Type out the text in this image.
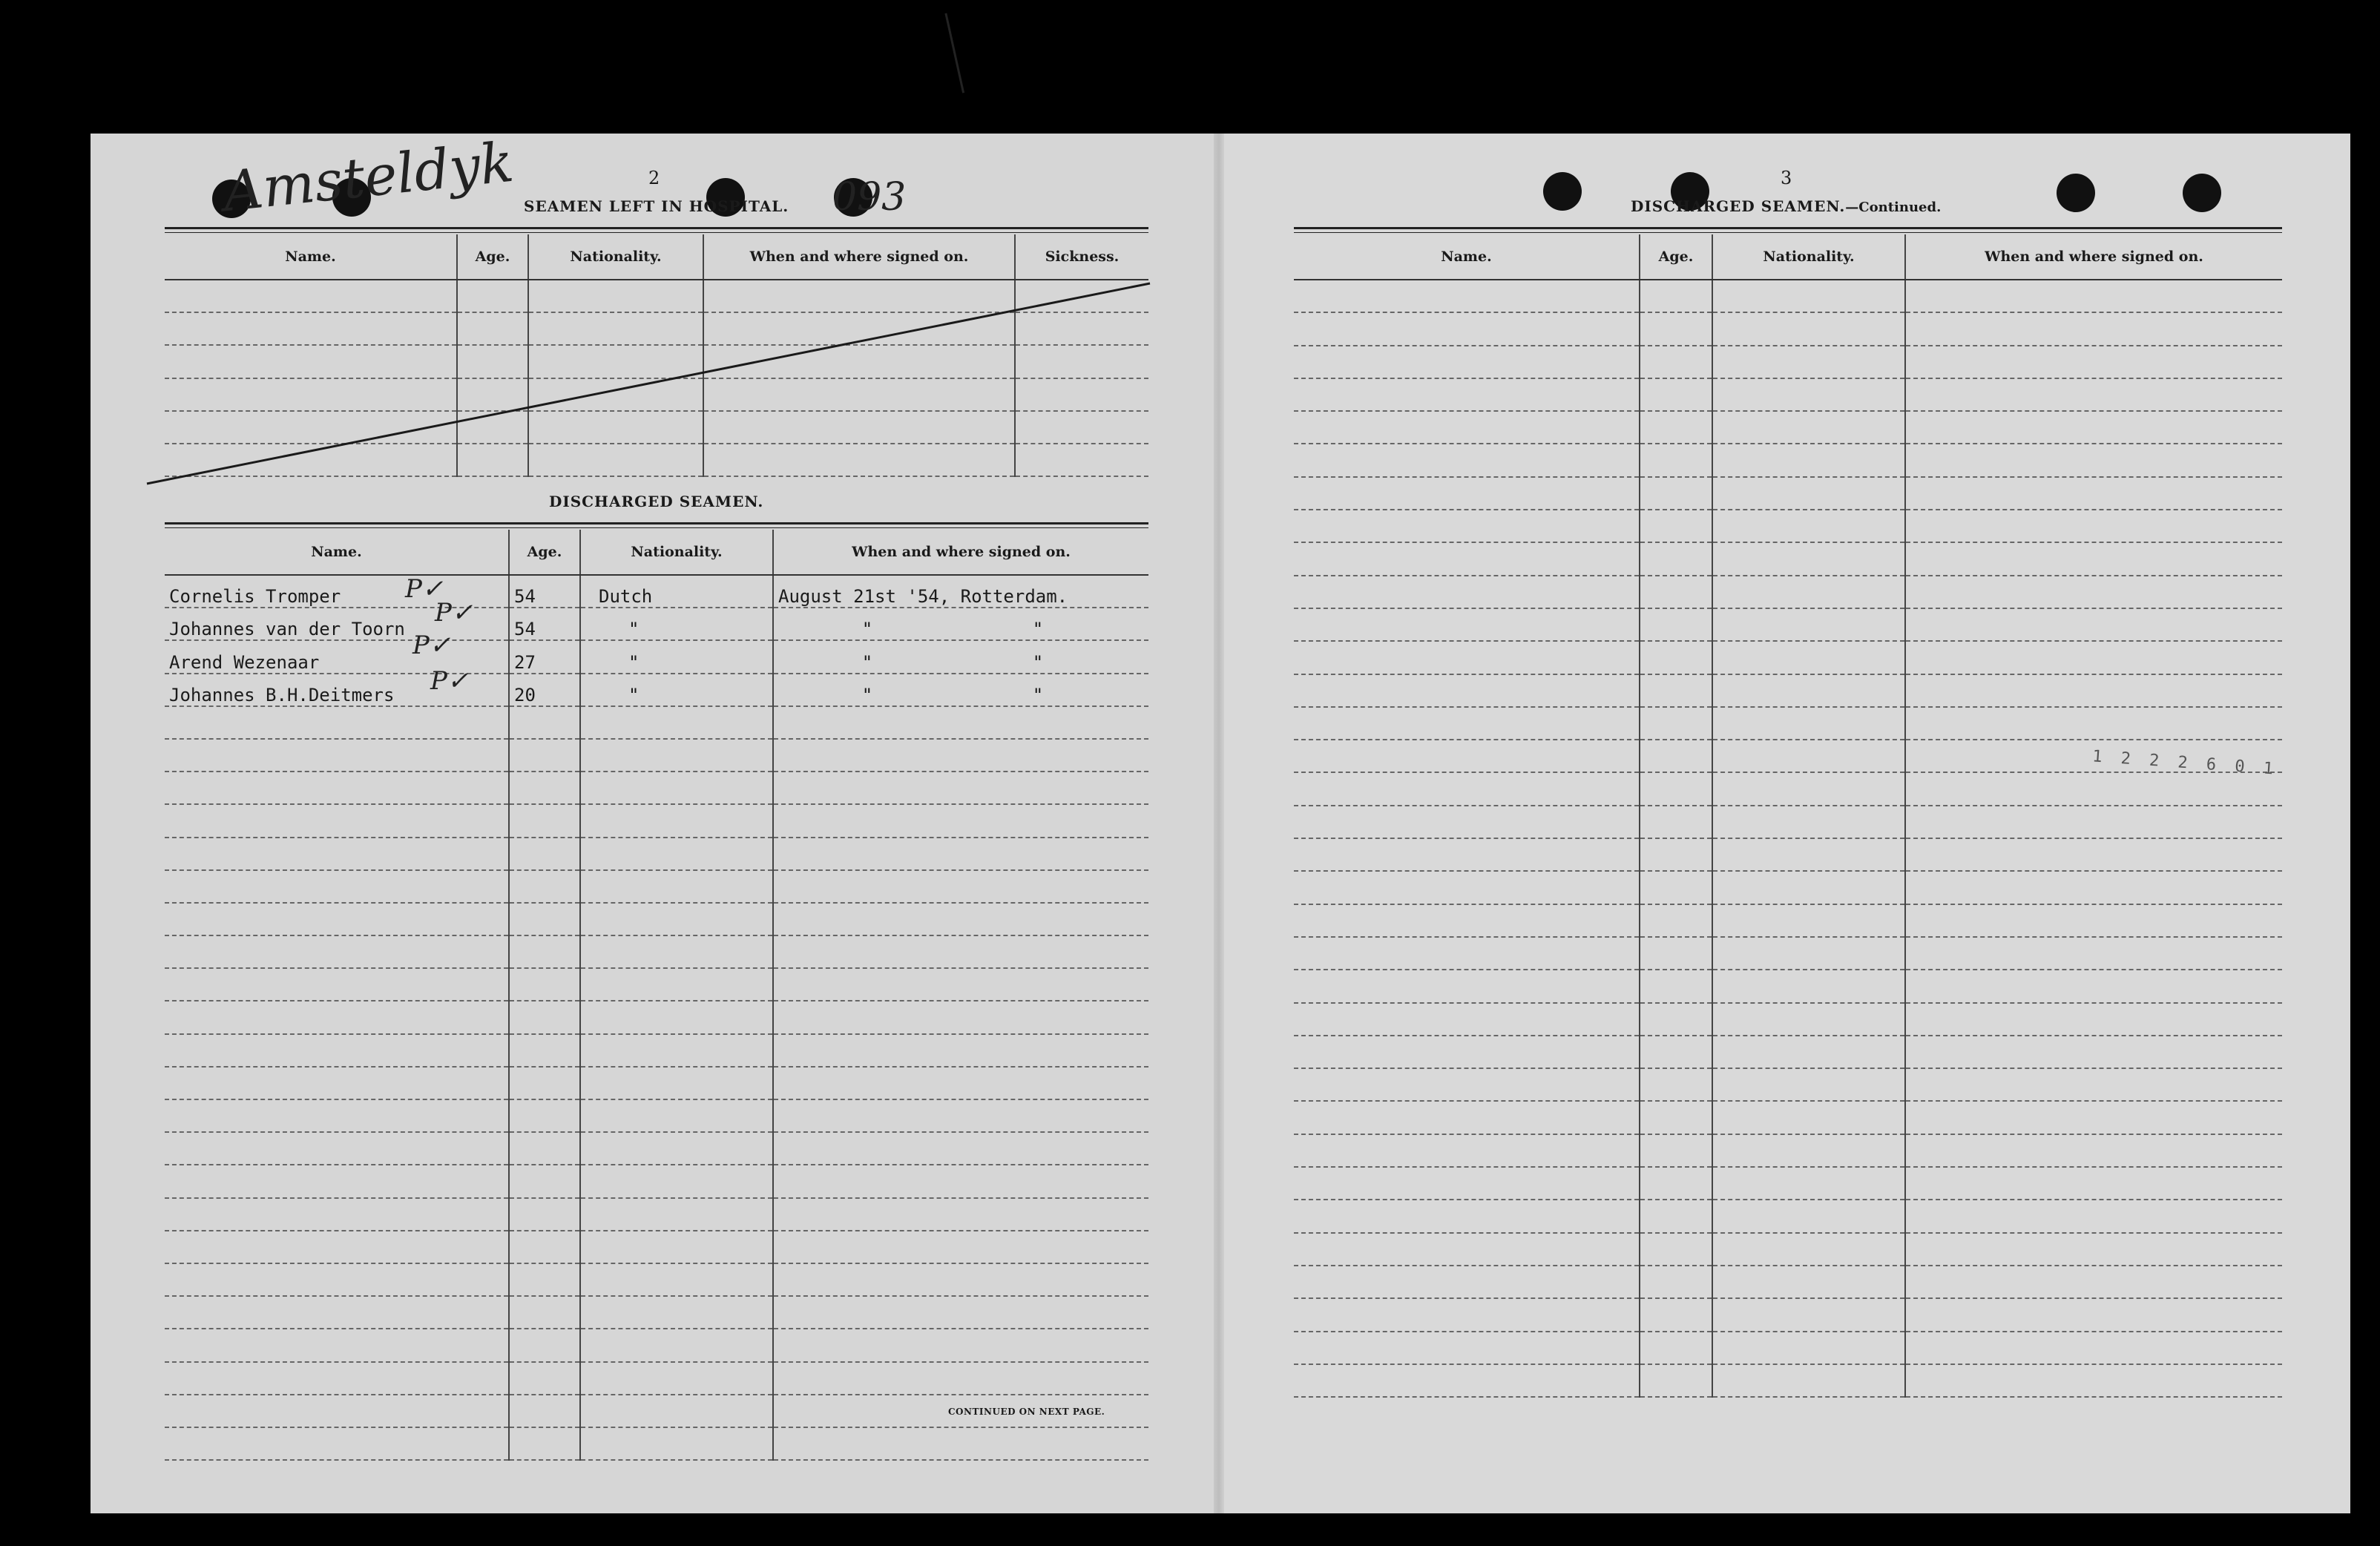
2
Amsteldyk	093
SEAMEN LEFT IN HOSPITAL.
Name.	Age.	Nationality.	When and where signed on.	Sickness.

DISCHARGED SEAMEN.
Name.	Age.	Nationality.	When and where signed on.
Cornelis Tromper	54	Dutch	August 21st '54, Rotterdam.
Johannes van der Toorn	54	"	" "
Arend Wezenaar	27	"	" "
Johannes B.H.Deitmers	20	"	" "

P✓
P✓
P✓
P✓
CONTINUED ON NEXT PAGE.
3
DISCHARGED SEAMEN.—Continued.
Name.	Age.	Nationality.	When and where signed on.

1 2 2 2 6 0 1
